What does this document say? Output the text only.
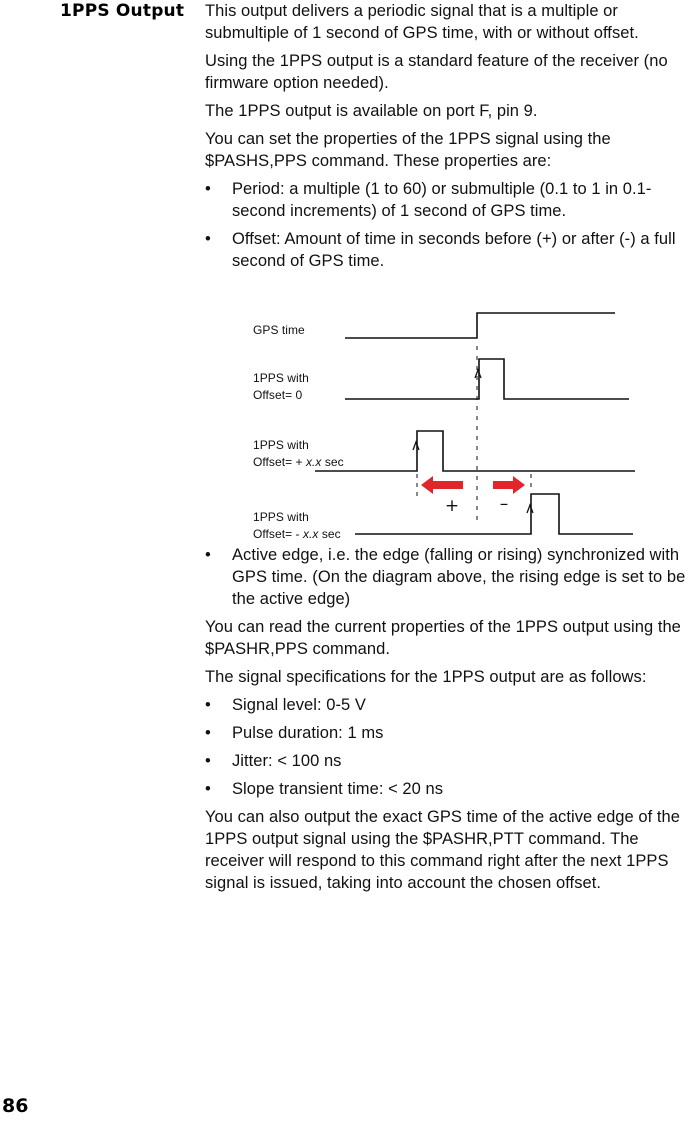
1PPS Output This output delivers a periodic signal that is a multiple or submultiple of 1 second of GPS time, with or without offset.

Using the 1PPS output is a standard feature of the receiver (no firmware option needed).

The 1PPS output is available on port F, pin 9.

You can set the properties of the 1PPS signal using the $PASHS,PPS command. These properties are:

• Period: a multiple (1 to 60) or submultiple (0.1 to 1 in 0.1-second increments) of 1 second of GPS time.
• Offset: Amount of time in seconds before (+) or after (-) a full second of GPS time.
GPS time
1PPS with
Offset= 0
1PPS with
Offset= + x.x sec
+ –
1PPS with
Offset= - x.x sec
• Active edge, i.e. the edge (falling or rising) synchronized with GPS time. (On the diagram above, the rising edge is set to be the active edge)

You can read the current properties of the 1PPS output using the $PASHR,PPS command.

The signal specifications for the 1PPS output are as follows:

• Signal level: 0-5 V
• Pulse duration: 1 ms
• Jitter: < 100 ns
• Slope transient time: < 20 ns

You can also output the exact GPS time of the active edge of the 1PPS output signal using the $PASHR,PTT command. The receiver will respond to this command right after the next 1PPS signal is issued, taking into account the chosen offset.

86
